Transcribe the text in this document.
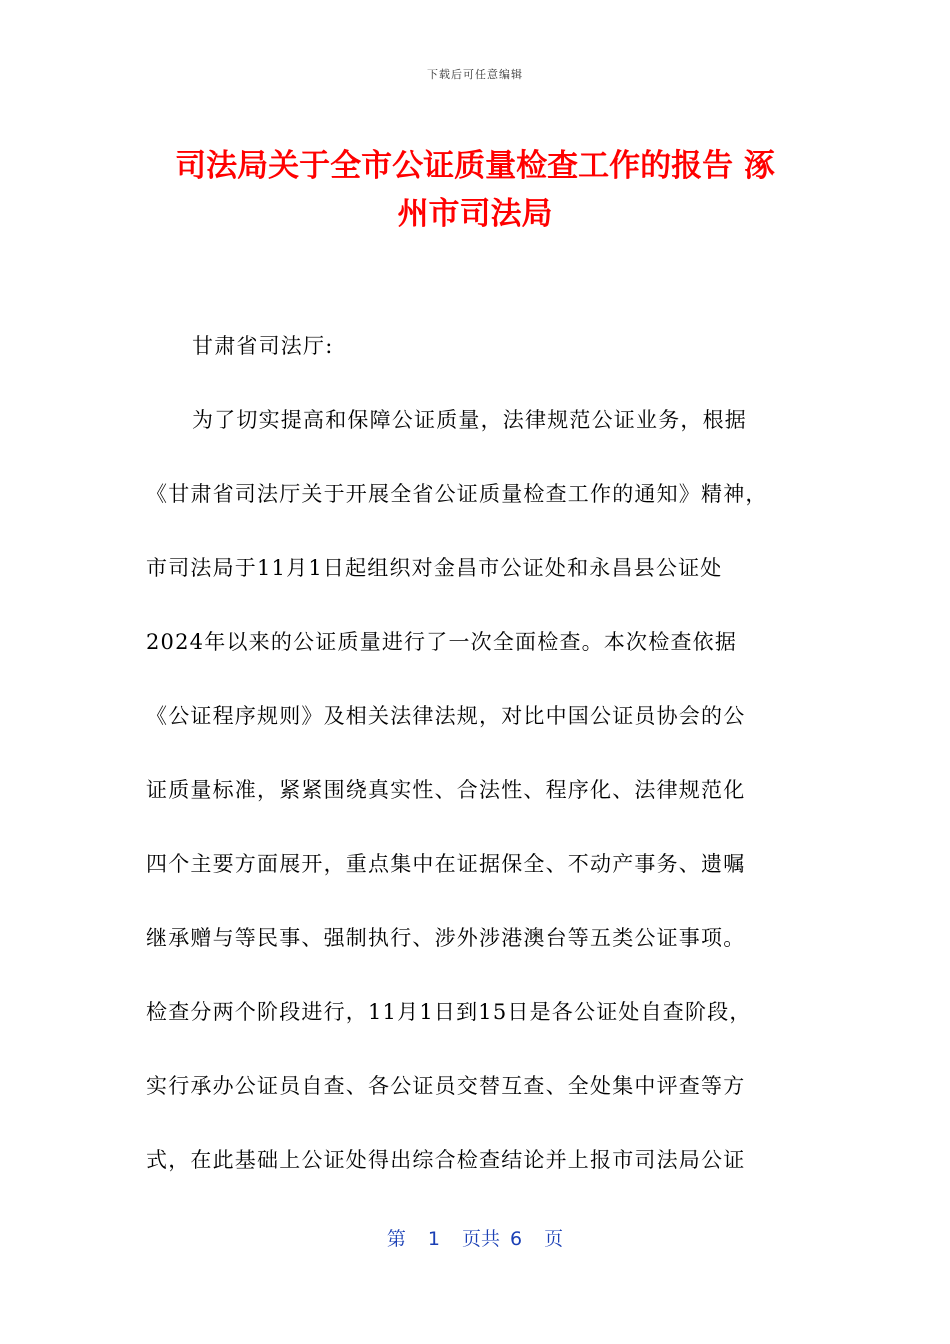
下载后可任意编辑
司法局关于全市公证质量检查工作的报告 涿
州市司法局
甘肃省司法厅:
为了切实提高和保障公证质量，法律规范公证业务，根据
《甘肃省司法厅关于开展全省公证质量检查工作的通知》精神，
市司法局于11月1日起组织对金昌市公证处和永昌县公证处
2024年以来的公证质量进行了一次全面检查。本次检查依据
《公证程序规则》及相关法律法规，对比中国公证员协会的公
证质量标准，紧紧围绕真实性、合法性、程序化、法律规范化
四个主要方面展开，重点集中在证据保全、不动产事务、遗嘱
继承赠与等民事、强制执行、涉外涉港澳台等五类公证事项。
检查分两个阶段进行，11月1日到15日是各公证处自查阶段，
实行承办公证员自查、各公证员交替互查、全处集中评查等方
式，在此基础上公证处得出综合检查结论并上报市司法局公证
第 1 页共 6 页
